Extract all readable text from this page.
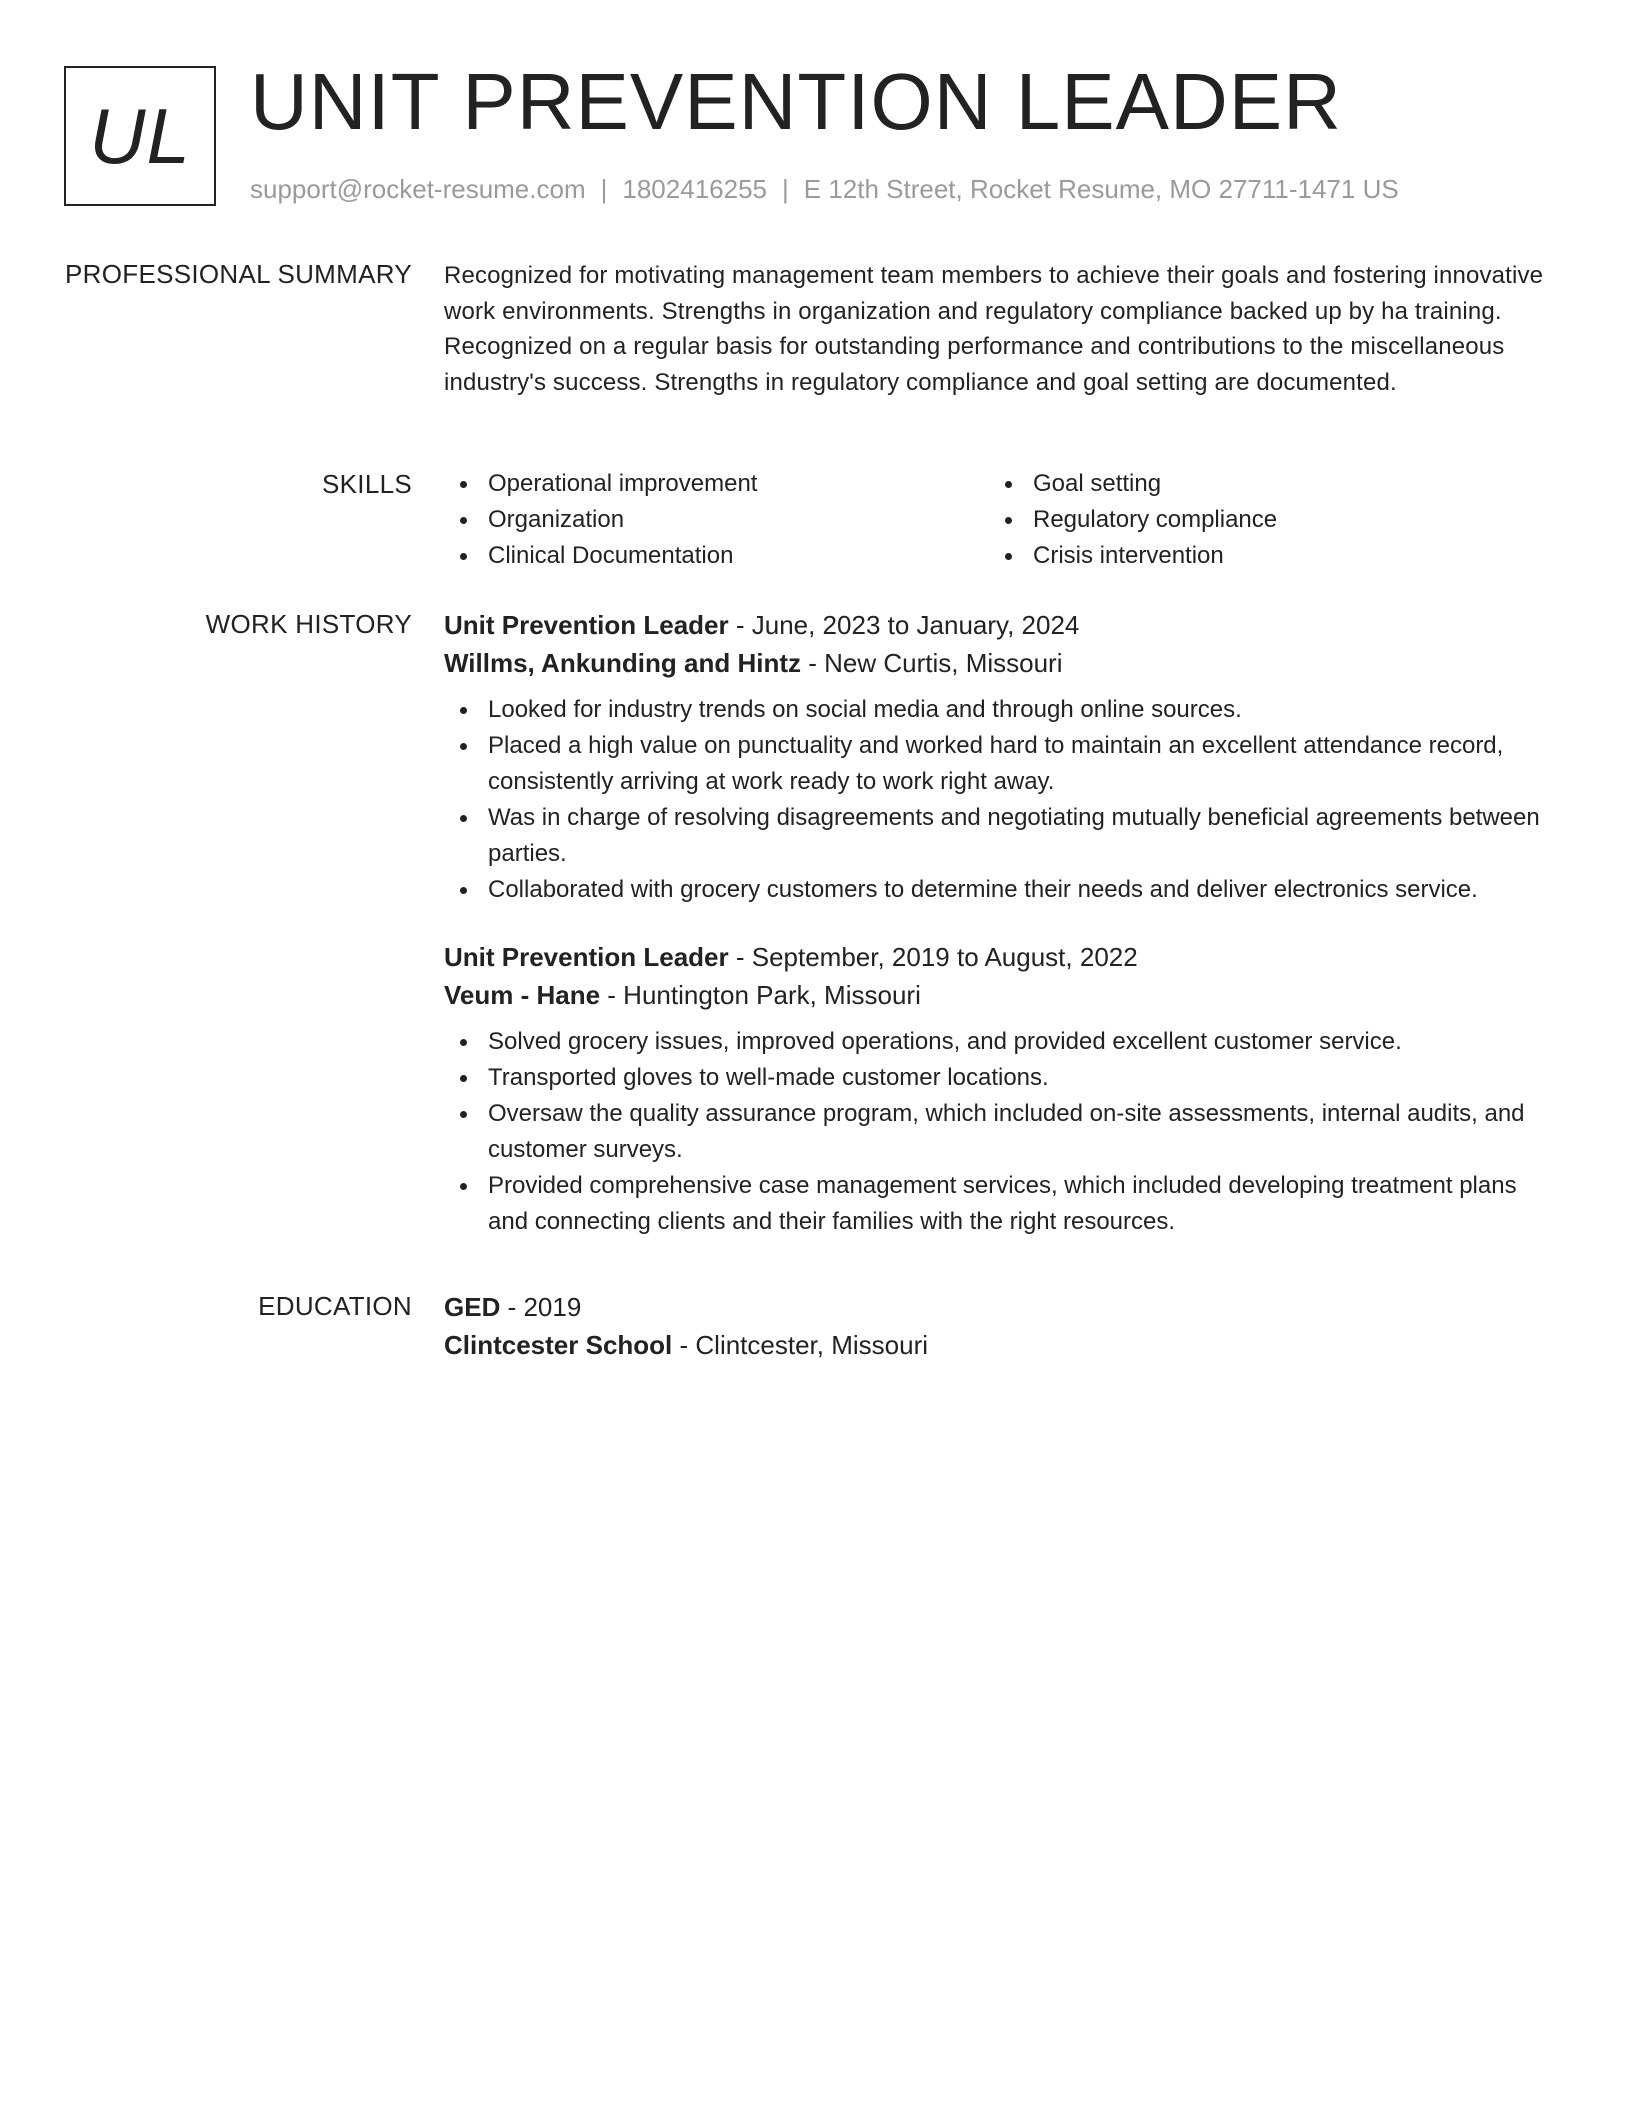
UL UNIT PREVENTION LEADER
support@rocket-resume.com | 1802416255 | E 12th Street, Rocket Resume, MO 27711-1471 US
PROFESSIONAL SUMMARY Recognized for motivating management team members to achieve their goals and fostering innovative work environments. Strengths in organization and regulatory compliance backed up by ha training. Recognized on a regular basis for outstanding performance and contributions to the miscellaneous industry's success. Strengths in regulatory compliance and goal setting are documented.

SKILLS	Operational improvement
Organization
Clinical Documentation
Goal setting
Regulatory compliance
Crisis intervention
WORK HISTORY Unit Prevention Leader - June, 2023 to January, 2024
Willms, Ankunding and Hintz - New Curtis, Missouri
Looked for industry trends on social media and through online sources.
Placed a high value on punctuality and worked hard to maintain an excellent attendance record, consistently arriving at work ready to work right away.
Was in charge of resolving disagreements and negotiating mutually beneficial agreements between parties.
Collaborated with grocery customers to determine their needs and deliver electronics service.
Unit Prevention Leader - September, 2019 to August, 2022
Veum - Hane - Huntington Park, Missouri
Solved grocery issues, improved operations, and provided excellent customer service.
Transported gloves to well-made customer locations.
Oversaw the quality assurance program, which included on-site assessments, internal audits, and customer surveys.
Provided comprehensive case management services, which included developing treatment plans and connecting clients and their families with the right resources.
EDUCATION GED - 2019
Clintcester School - Clintcester, Missouri
